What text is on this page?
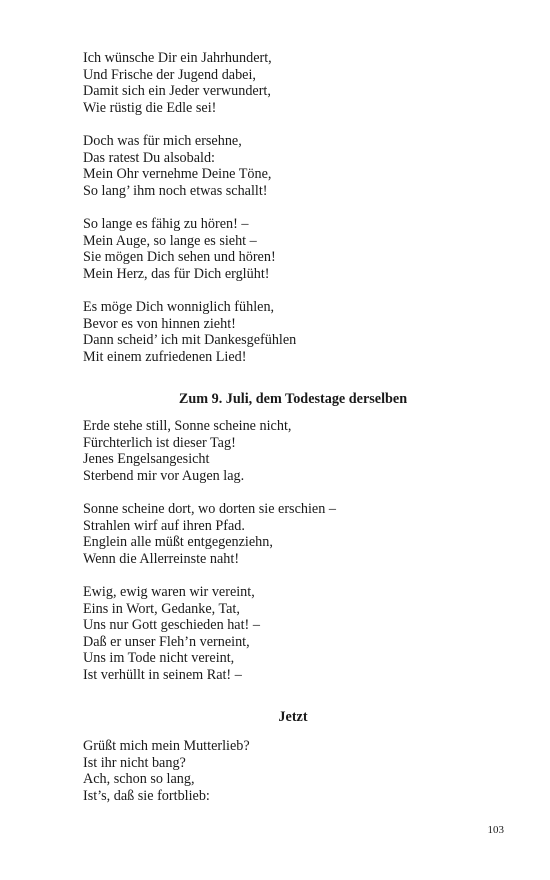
Ich wünsche Dir ein Jahrhundert,
Und Frische der Jugend dabei,
Damit sich ein Jeder verwundert,
Wie rüstig die Edle sei!
Doch was für mich ersehne,
Das ratest Du alsobald:
Mein Ohr vernehme Deine Töne,
So lang’ ihm noch etwas schallt!
So lange es fähig zu hören! –
Mein Auge, so lange es sieht –
Sie mögen Dich sehen und hören!
Mein Herz, das für Dich erglüht!
Es möge Dich wonniglich fühlen,
Bevor es von hinnen zieht!
Dann scheid’ ich mit Dankesgefühlen
Mit einem zufriedenen Lied!
Zum 9. Juli, dem Todestage derselben
Erde stehe still, Sonne scheine nicht,
Fürchterlich ist dieser Tag!
Jenes Engelsangesicht
Sterbend mir vor Augen lag.
Sonne scheine dort, wo dorten sie erschien –
Strahlen wirf auf ihren Pfad.
Englein alle müßt entgegenziehn,
Wenn die Allerreinste naht!
Ewig, ewig waren wir vereint,
Eins in Wort, Gedanke, Tat,
Uns nur Gott geschieden hat! –
Daß er unser Fleh’n verneint,
Uns im Tode nicht vereint,
Ist verhüllt in seinem Rat! –
Jetzt
Grüßt mich mein Mutterlieb?
Ist ihr nicht bang?
Ach, schon so lang,
Ist’s, daß sie fortblieb:
103
